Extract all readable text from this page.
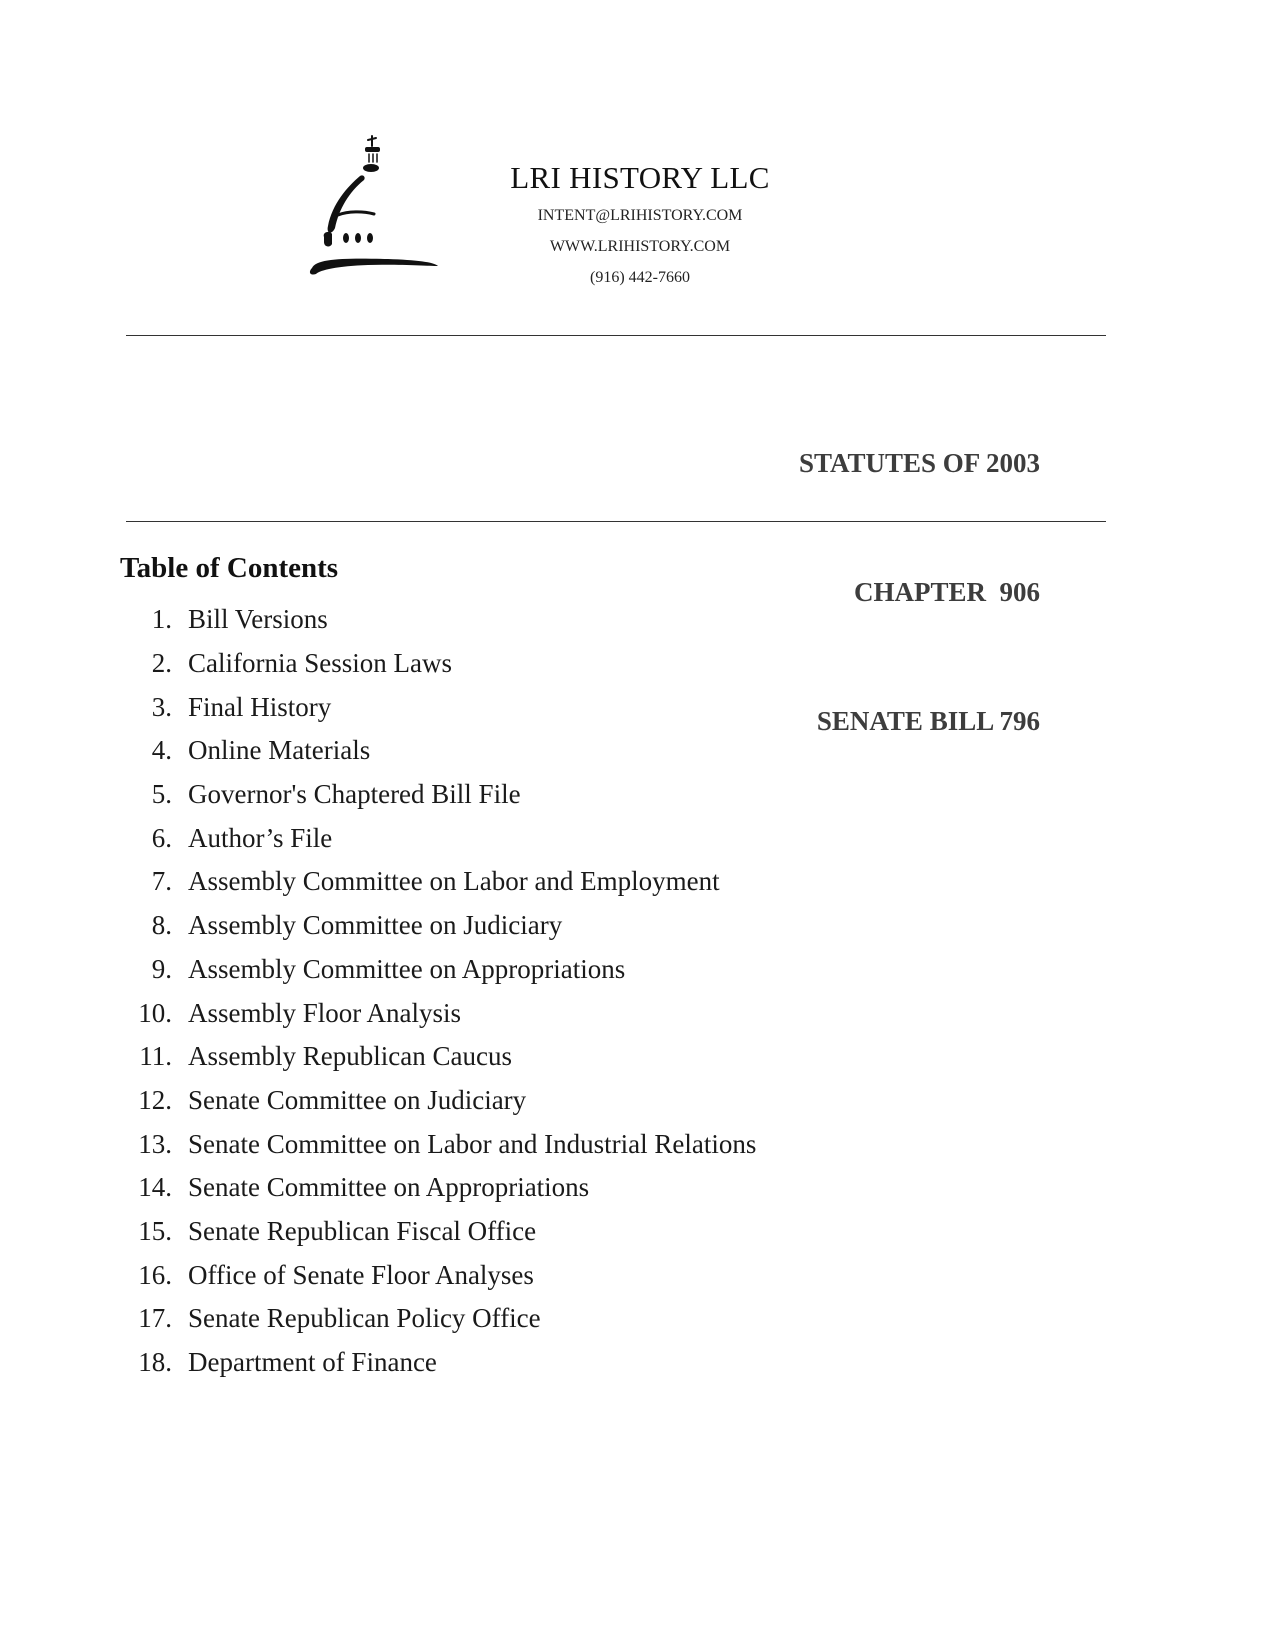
LRI HISTORY LLC
INTENT@LRIHISTORY.COM
WWW.LRIHISTORY.COM
(916) 442-7660

STATUTES OF 2003

CHAPTER  906

SENATE BILL 796

Table of Contents
1. Bill Versions
2. California Session Laws
3. Final History
4. Online Materials
5. Governor's Chaptered Bill File
6. Author’s File
7. Assembly Committee on Labor and Employment
8. Assembly Committee on Judiciary
9. Assembly Committee on Appropriations
10. Assembly Floor Analysis
11. Assembly Republican Caucus
12. Senate Committee on Judiciary
13. Senate Committee on Labor and Industrial Relations
14. Senate Committee on Appropriations
15. Senate Republican Fiscal Office
16. Office of Senate Floor Analyses
17. Senate Republican Policy Office
18. Department of Finance
